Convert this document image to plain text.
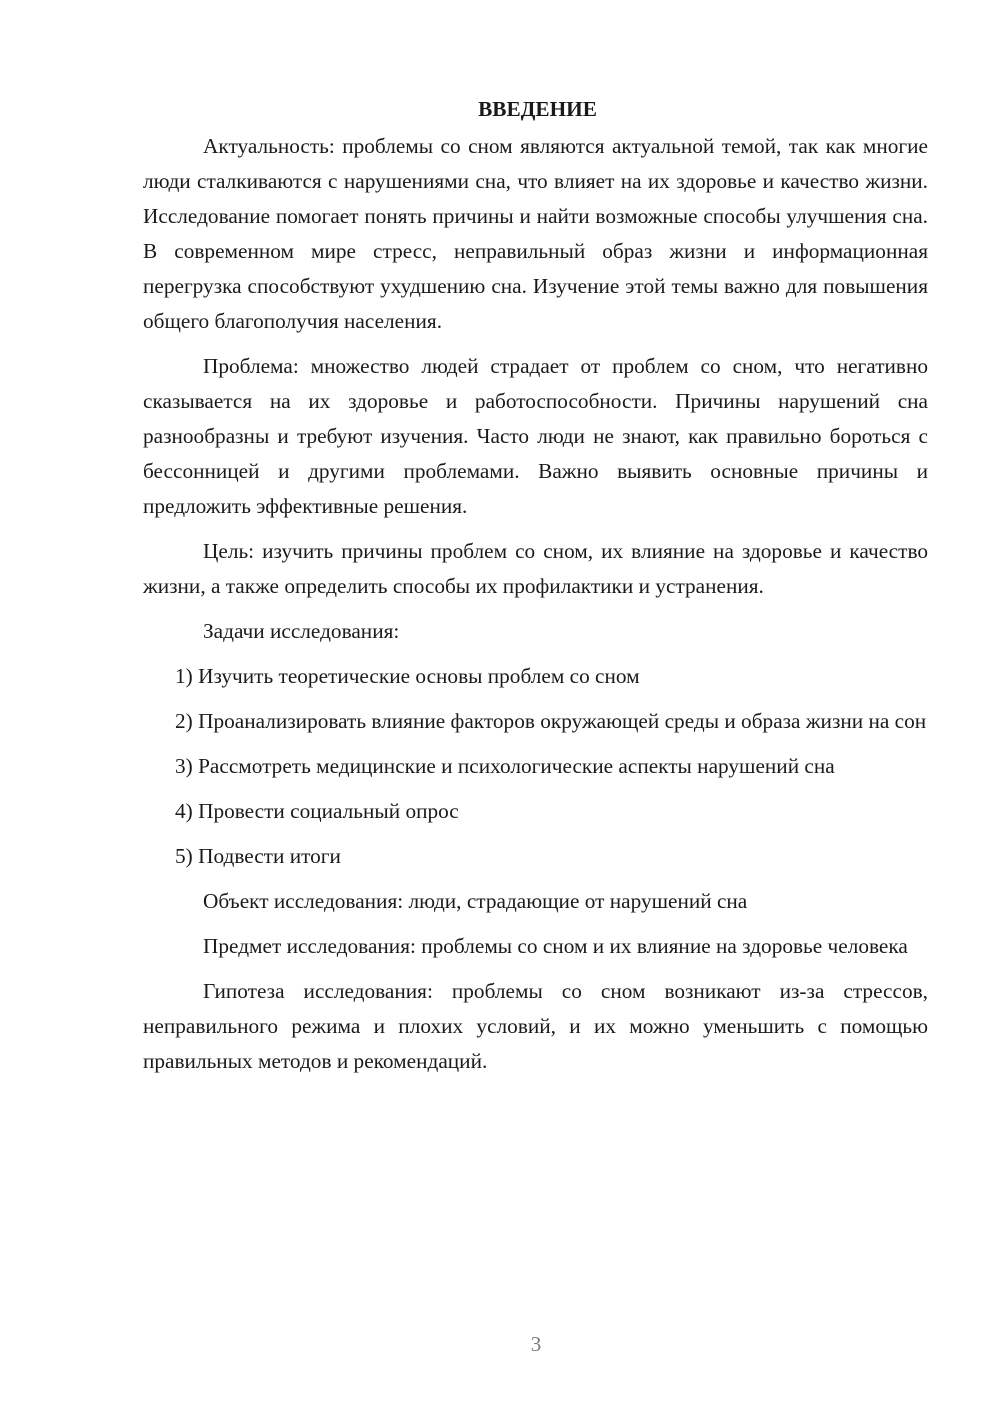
ВВЕДЕНИЕ

Актуальность: проблемы со сном являются актуальной темой, так как многие люди сталкиваются с нарушениями сна, что влияет на их здоровье и качество жизни. Исследование помогает понять причины и найти возможные способы улучшения сна. В современном мире стресс, неправильный образ жизни и информационная перегрузка способствуют ухудшению сна. Изучение этой темы важно для повышения общего благополучия населения.

Проблема: множество людей страдает от проблем со сном, что негативно сказывается на их здоровье и работоспособности. Причины нарушений сна разнообразны и требуют изучения. Часто люди не знают, как правильно бороться с бессонницей и другими проблемами. Важно выявить основные причины и предложить эффективные решения.

Цель: изучить причины проблем со сном, их влияние на здоровье и качество жизни, а также определить способы их профилактики и устранения.

Задачи исследования:

1) Изучить теоретические основы проблем со сном

2) Проанализировать влияние факторов окружающей среды и образа жизни на сон

3) Рассмотреть медицинские и психологические аспекты нарушений сна

4) Провести социальный опрос

5) Подвести итоги

Объект исследования: люди, страдающие от нарушений сна

Предмет исследования: проблемы со сном и их влияние на здоровье человека

Гипотеза исследования: проблемы со сном возникают из-за стрессов, неправильного режима и плохих условий, и их можно уменьшить с помощью правильных методов и рекомендаций.

3
